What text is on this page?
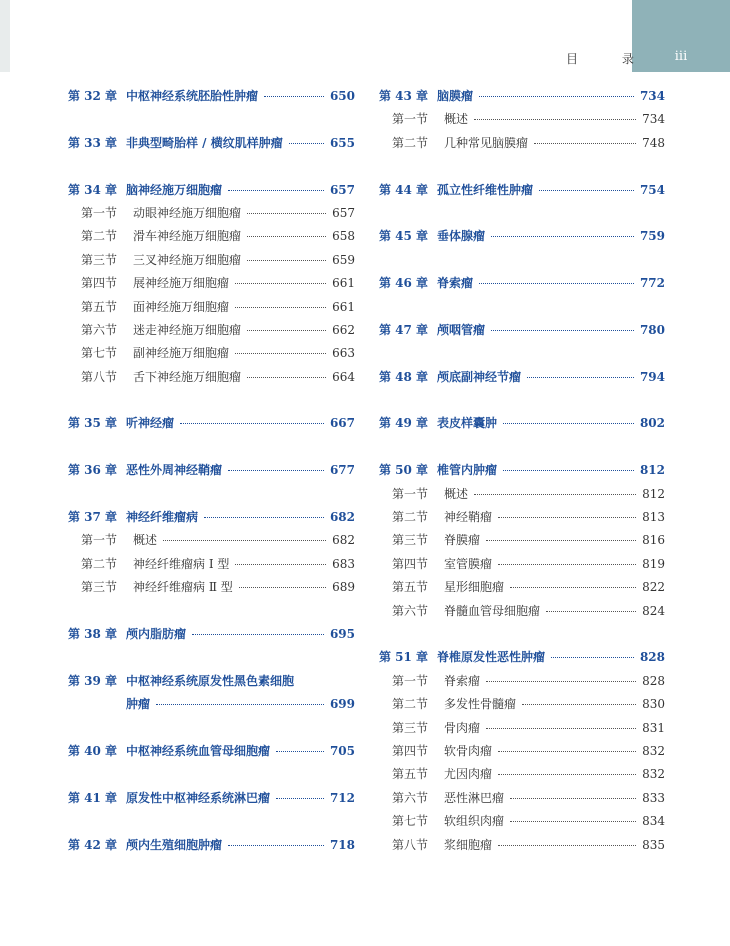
iii
目 录
第 32 章 中枢神经系统胚胎性肿瘤	650
第 33 章 非典型畸胎样 / 横纹肌样肿瘤	655
第 34 章 脑神经施万细胞瘤	657
第一节	动眼神经施万细胞瘤	657
第二节	滑车神经施万细胞瘤	658
第三节	三叉神经施万细胞瘤	659
第四节	展神经施万细胞瘤	661
第五节	面神经施万细胞瘤	661
第六节	迷走神经施万细胞瘤	662
第七节	副神经施万细胞瘤	663
第八节	舌下神经施万细胞瘤	664
第 35 章 听神经瘤	667
第 36 章 恶性外周神经鞘瘤	677
第 37 章 神经纤维瘤病	682
第一节	概述	682
第二节	神经纤维瘤病 Ⅰ 型	683
第三节	神经纤维瘤病 Ⅱ 型	689
第 38 章 颅内脂肪瘤	695
第 39 章 中枢神经系统原发性黑色素细胞
肿瘤	699
第 40 章 中枢神经系统血管母细胞瘤	705
第 41 章 原发性中枢神经系统淋巴瘤	712
第 42 章 颅内生殖细胞肿瘤	718
第 43 章 脑膜瘤	734
第一节	概述	734
第二节	几种常见脑膜瘤	748
第 44 章 孤立性纤维性肿瘤	754
第 45 章 垂体腺瘤	759
第 46 章 脊索瘤	772
第 47 章 颅咽管瘤	780
第 48 章 颅底副神经节瘤	794
第 49 章 表皮样囊肿	802
第 50 章 椎管内肿瘤	812
第一节	概述	812
第二节	神经鞘瘤	813
第三节	脊膜瘤	816
第四节	室管膜瘤	819
第五节	星形细胞瘤	822
第六节	脊髓血管母细胞瘤	824
第 51 章 脊椎原发性恶性肿瘤	828
第一节	脊索瘤	828
第二节	多发性骨髓瘤	830
第三节	骨肉瘤	831
第四节	软骨肉瘤	832
第五节	尤因肉瘤	832
第六节	恶性淋巴瘤	833
第七节	软组织肉瘤	834
第八节	浆细胞瘤	835
